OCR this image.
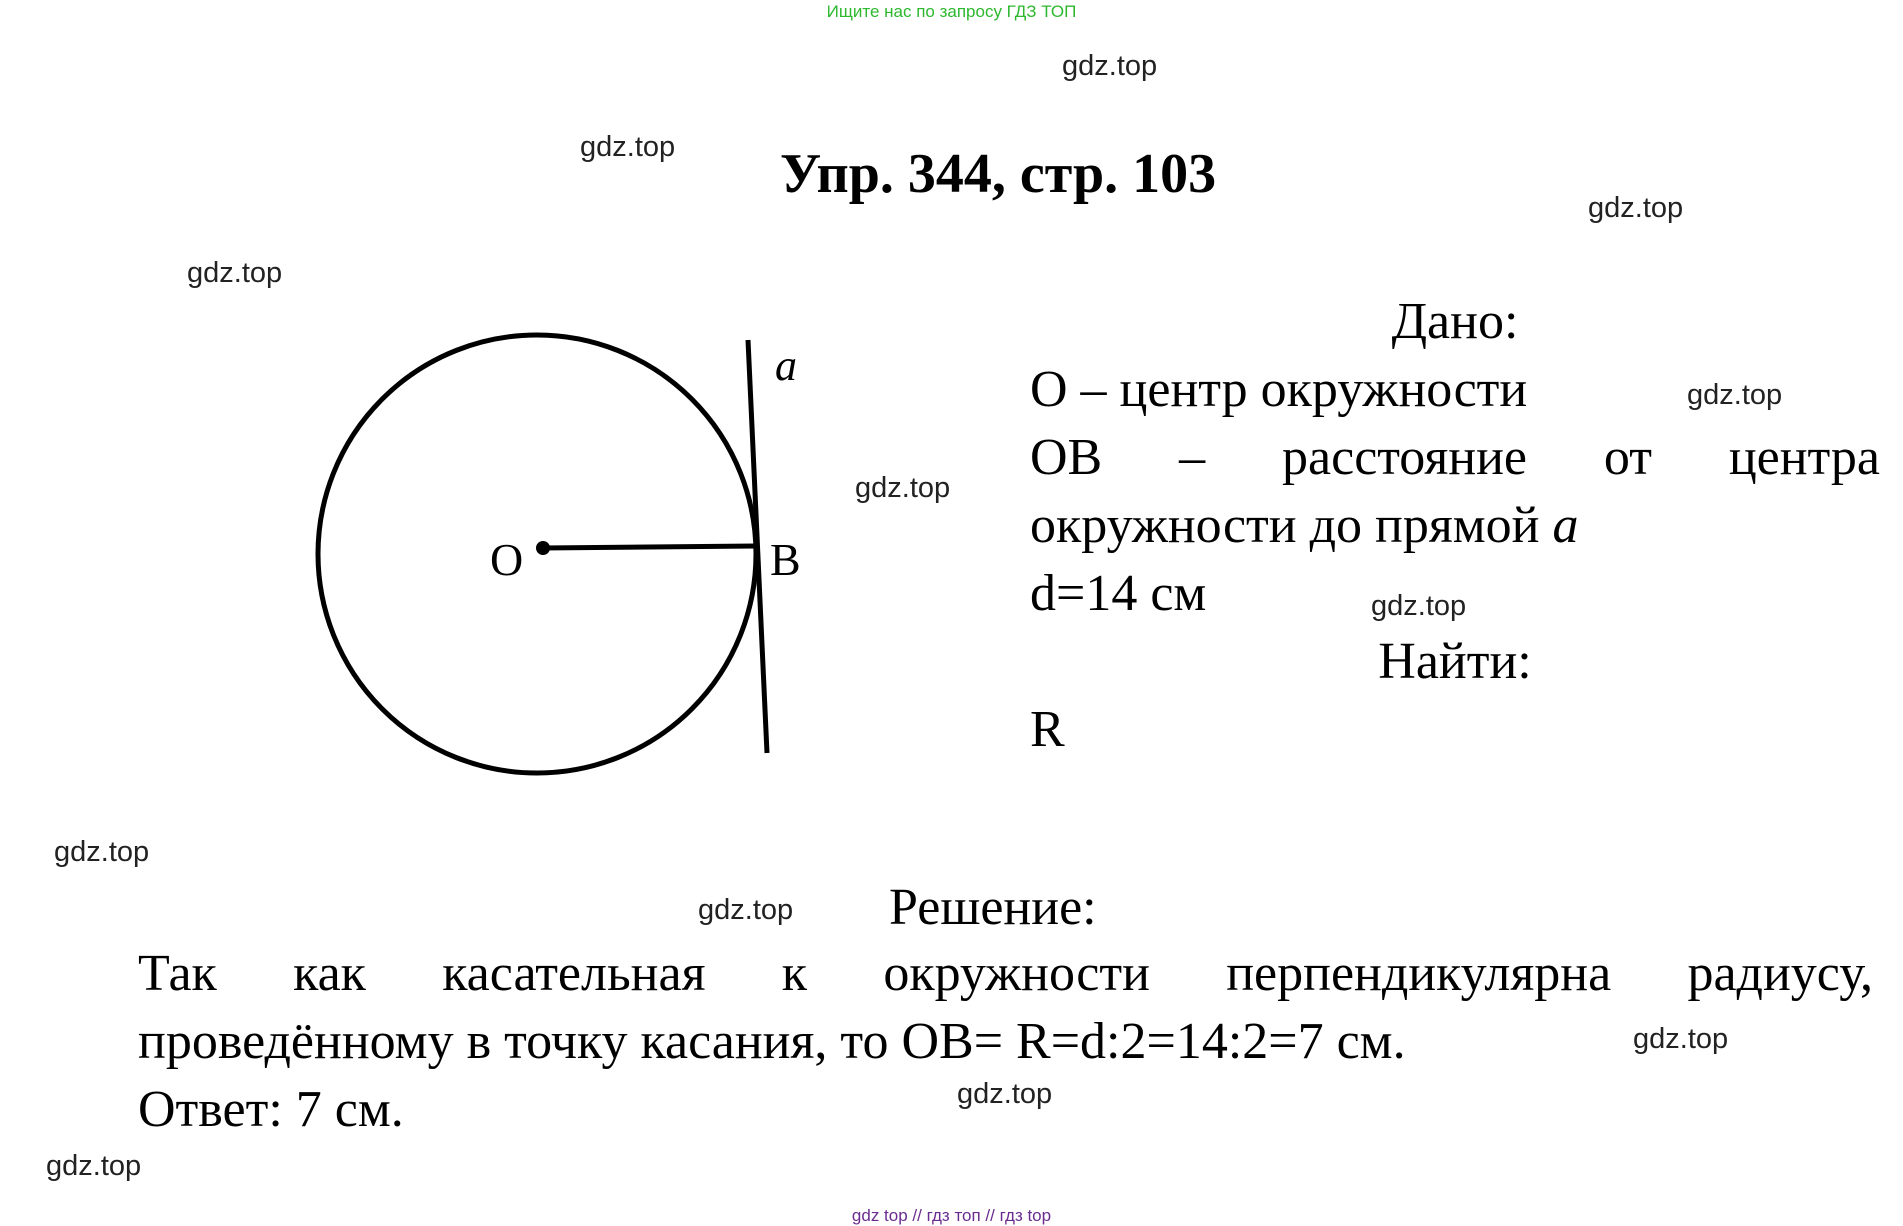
Ищите нас по запросу ГДЗ ТОП
Упр. 344, стр. 103
a
O	B
Дано:
O – центр окружности
OB – расстояние от центра
окружности до прямой a
d=14 см
Найти:
R
Решение:
Так как касательная к окружности перпендикулярна радиусу,
проведённому в точку касания, то OB= R=d:2=14:2=7 см.
Ответ: 7 см.
gdz.top
gdz.top
gdz.top
gdz.top
gdz.top
gdz.top
gdz.top
gdz.top
gdz.top
gdz.top
gdz.top
gdz.top
gdz top // гдз топ // гдз top
